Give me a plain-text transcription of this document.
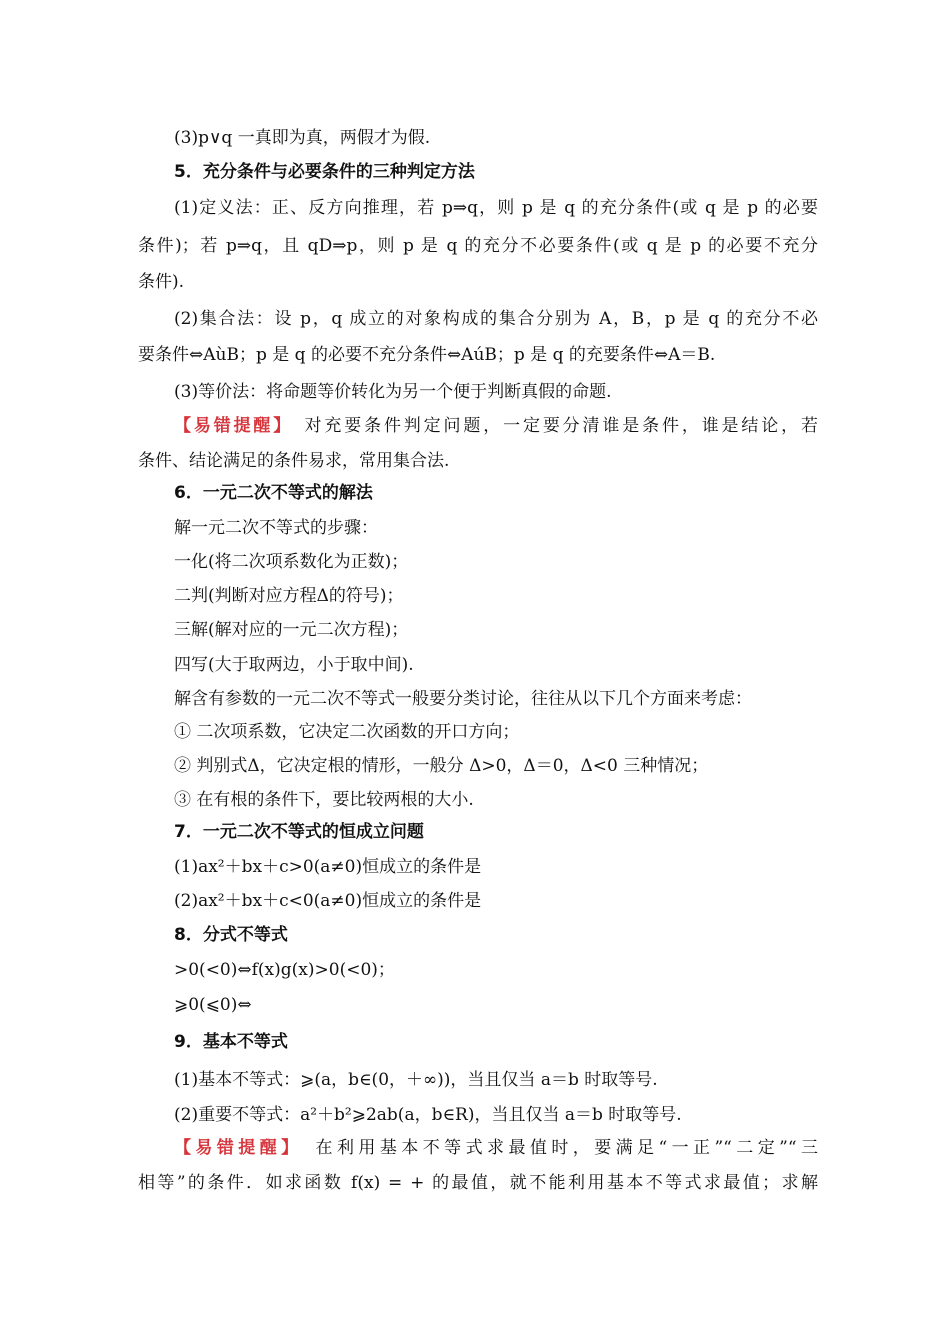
(3)p∨q 一真即为真，两假才为假.
5．充分条件与必要条件的三种判定方法
(1)定义法：正、反方向推理，若 p⇒q，则 p 是 q 的充分条件(或 q 是 p 的必要
条件)；若 p⇒q，且 qD⇒p，则 p 是 q 的充分不必要条件(或 q 是 p 的必要不充分
条件).
(2)集合法：设 p，q 成立的对象构成的集合分别为 A，B，p 是 q 的充分不必
要条件⇔AùB；p 是 q 的必要不充分条件⇔AúB；p 是 q 的充要条件⇔A＝B.
(3)等价法：将命题等价转化为另一个便于判断真假的命题.
【易错提醒】　对充要条件判定问题，一定要分清谁是条件，谁是结论，若
条件、结论满足的条件易求，常用集合法.
6．一元二次不等式的解法
解一元二次不等式的步骤：
一化(将二次项系数化为正数)；
二判(判断对应方程Δ的符号)；
三解(解对应的一元二次方程)；
四写(大于取两边，小于取中间).
解含有参数的一元二次不等式一般要分类讨论，往往从以下几个方面来考虑：
① 二次项系数，它决定二次函数的开口方向；
② 判别式Δ，它决定根的情形，一般分 Δ>0，Δ＝0，Δ<0 三种情况；
③ 在有根的条件下，要比较两根的大小.
7．一元二次不等式的恒成立问题
(1)ax²＋bx＋c>0(a≠0)恒成立的条件是
(2)ax²＋bx＋c<0(a≠0)恒成立的条件是
8．分式不等式
>0(<0)⇔f(x)g(x)>0(<0)；
⩾0(⩽0)⇔
9．基本不等式
(1)基本不等式：⩾(a，b∈(0，＋∞))，当且仅当 a＝b 时取等号.
(2)重要不等式：a²＋b²⩾2ab(a，b∈R)，当且仅当 a＝b 时取等号.
【易错提醒】　在利用基本不等式求最值时，要满足“一正”“二定”“三
相等”的条件．如求函数 f(x) = + 的最值，就不能利用基本不等式求最值；求解
